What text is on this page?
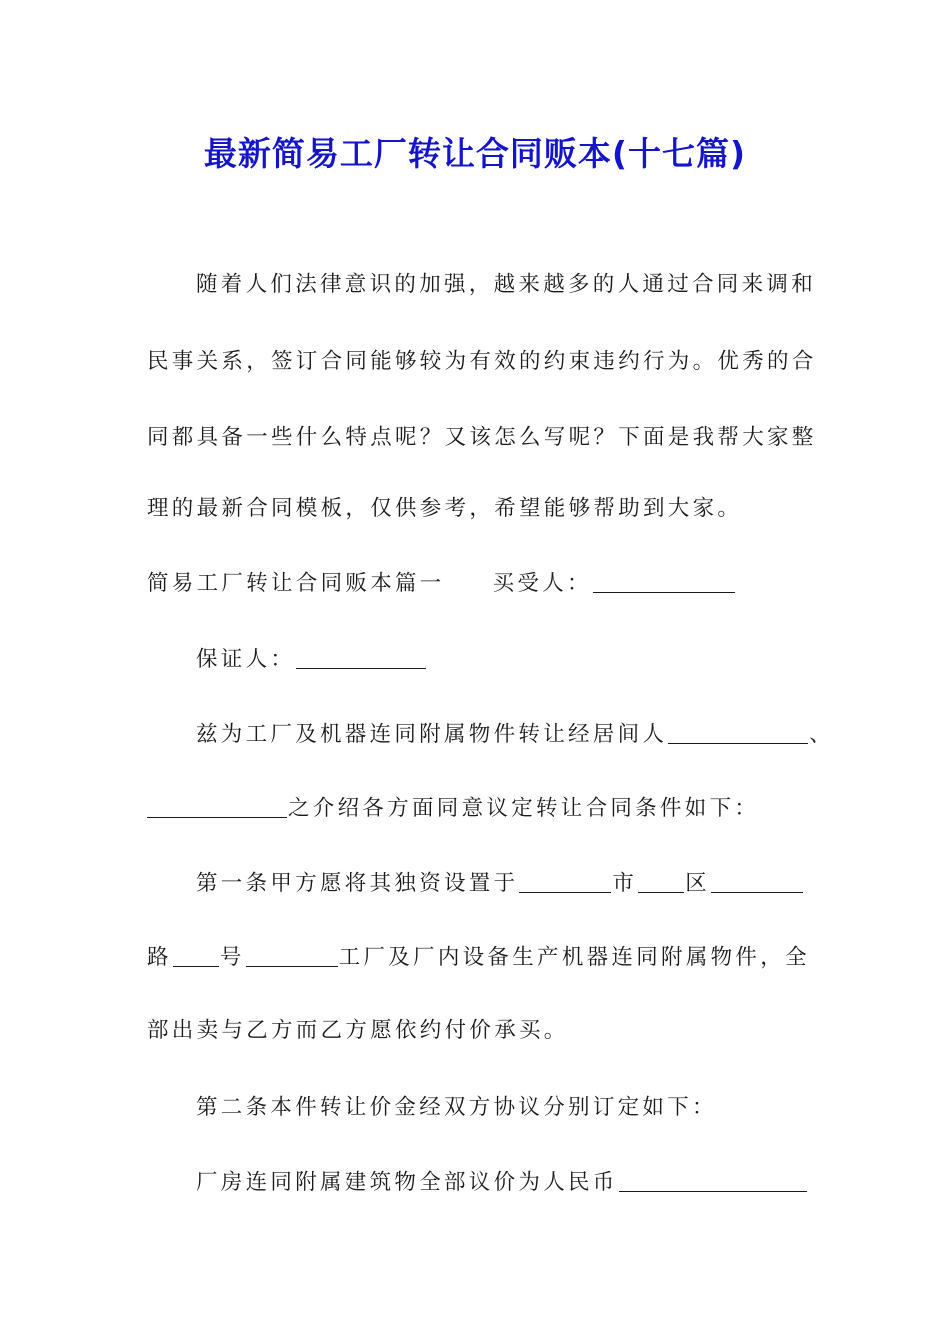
最新简易工厂转让合同贩本(十七篇)
随着人们法律意识的加强，越来越多的人通过合同来调和
民事关系，签订合同能够较为有效的约束违约行为。优秀的合
同都具备一些什么特点呢？又该怎么写呢？下面是我帮大家整
理的最新合同模板，仅供参考，希望能够帮助到大家。
简易工厂转让合同贩本篇一 买受人：
保证人：
兹为工厂及机器连同附属物件转让经居间人	、
之介绍各方面同意议定转让合同条件如下：
第一条甲方愿将其独资设置于	市 区
路 号	工厂及厂内设备生产机器连同附属物件，全
部出卖与乙方而乙方愿依约付价承买。
第二条本件转让价金经双方协议分别订定如下：
厂房连同附属建筑物全部议价为人民币
